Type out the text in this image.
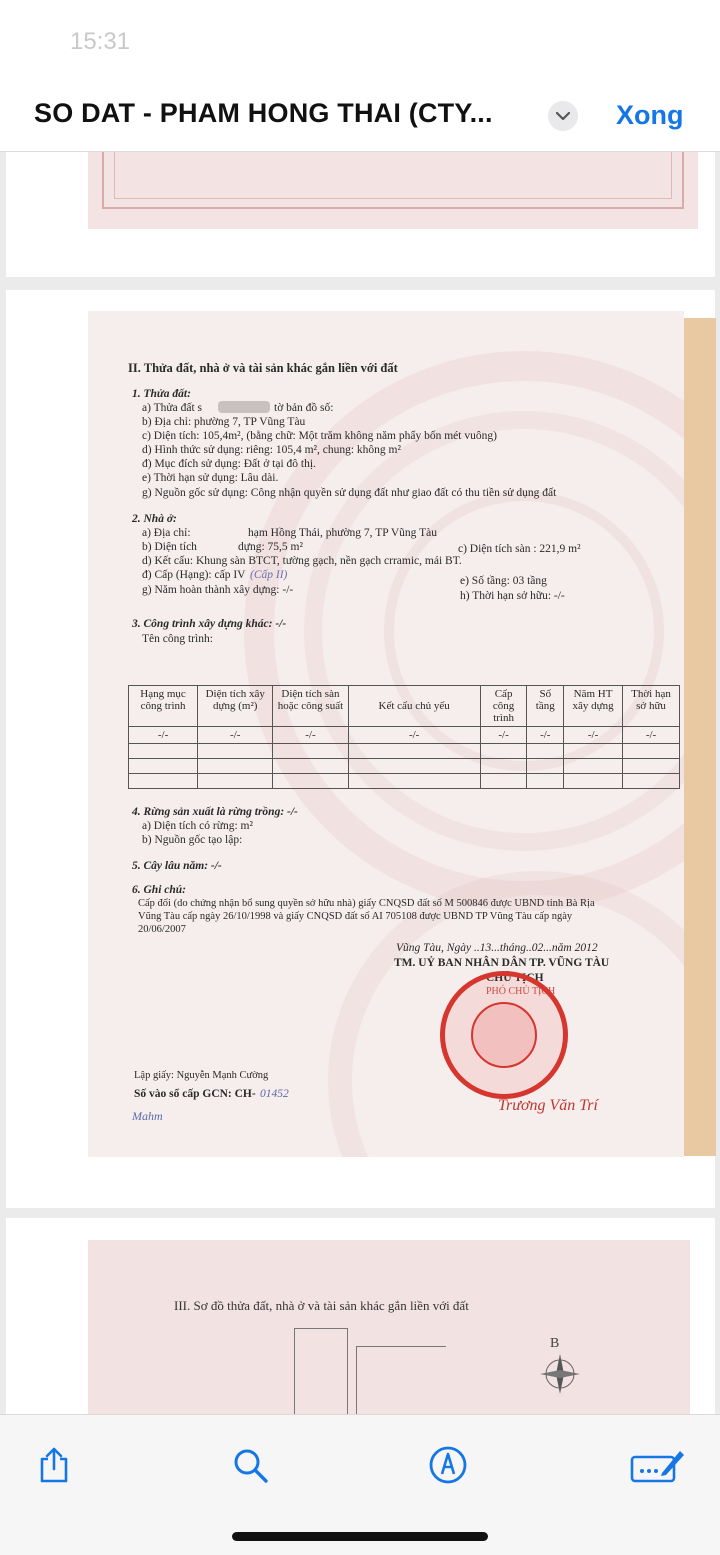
15:31
SO DAT - PHAM HONG THAI (CTY...	Xong
II. Thửa đất, nhà ở và tài sản khác gắn liền với đất
1. Thửa đất:
a) Thửa đất s	tờ bản đồ số:
b) Địa chỉ: phường 7, TP Vũng Tàu
c) Diện tích: 105,4m², (bằng chữ: Một trăm không năm phẩy bốn mét vuông)
d) Hình thức sử dụng: riêng: 105,4 m², chung: không m²
đ) Mục đích sử dụng: Đất ở tại đô thị.
e) Thời hạn sử dụng: Lâu dài.
g) Nguồn gốc sử dụng: Công nhận quyền sử dụng đất như giao đất có thu tiền sử dụng đất
2. Nhà ở:
a) Địa chỉ:	hạm Hồng Thái, phường 7, TP Vũng Tàu
b) Diện tích	dựng: 75,5 m²	c) Diện tích sàn : 221,9 m²
d) Kết cấu: Khung sàn BTCT, tường gạch, nền gạch crramic, mái BT.
đ) Cấp (Hạng): cấp IV (Cấp II)	e) Số tầng: 03 tầng
g) Năm hoàn thành xây dựng: -/-	h) Thời hạn sở hữu: -/-
3. Công trình xây dựng khác: -/-
Tên công trình:
Hạng mục công trình	Diện tích xây dựng (m²)	Diện tích sàn hoặc công suất	Kết cấu chủ yếu	Cấp công trình	Số tầng	Năm HT xây dựng	Thời hạn sở hữu
-/-	-/-	-/-	-/-	-/-	-/-	-/-	-/-

4. Rừng sản xuất là rừng trồng: -/-
a) Diện tích có rừng: m²
b) Nguồn gốc tạo lập:
5. Cây lâu năm: -/-
6. Ghi chú:
Cấp đổi (do chứng nhận bổ sung quyền sở hữu nhà) giấy CNQSD đất số M 500846 được UBND tỉnh Bà Rịa
Vũng Tàu cấp ngày 26/10/1998 và giấy CNQSD đất số AI 705108 được UBND TP Vũng Tàu cấp ngày
20/06/2007
Vũng Tàu, Ngày ..13...tháng..02...năm 2012
TM. UỶ BAN NHÂN DÂN TP. VŨNG TÀU
CHỦ TỊCH
PHÓ CHỦ TỊCH
Trương Văn Trí
Lập giấy: Nguyễn Mạnh Cường
Số vào sổ cấp GCN: CH- 01452
Mahm
III. Sơ đồ thửa đất, nhà ở và tài sản khác gắn liền với đất
B
